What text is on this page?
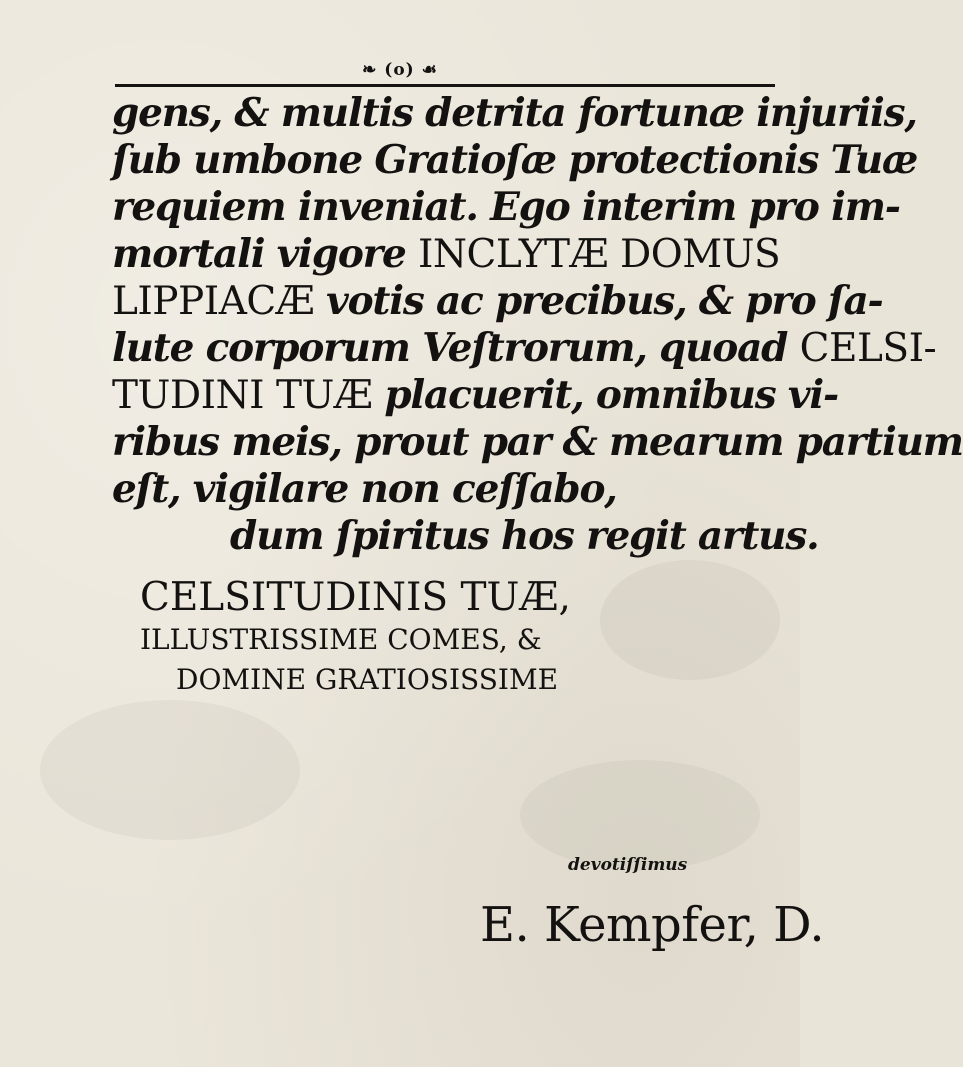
❧ (o) ☙
gens, & multis detrita fortunæ injuriis,
ſub umbone Gratioſæ protectionis Tuæ
requiem inveniat. Ego interim pro im-
mortali vigore INCLYTÆ DOMUS
LIPPIACÆ votis ac precibus, & pro ſa-
lute corporum Veſtrorum, quoad CELSI-
TUDINI TUÆ placuerit, omnibus vi-
ribus meis, prout par & mearum partium
eſt, vigilare non ceſſabo,
dum ſpiritus hos regit artus.
CELSITUDINIS TUÆ,
ILLUSTRISSIME COMES, &
DOMINE GRATIOSISSIME
devotiſſimus
E. Kempfer, D.
